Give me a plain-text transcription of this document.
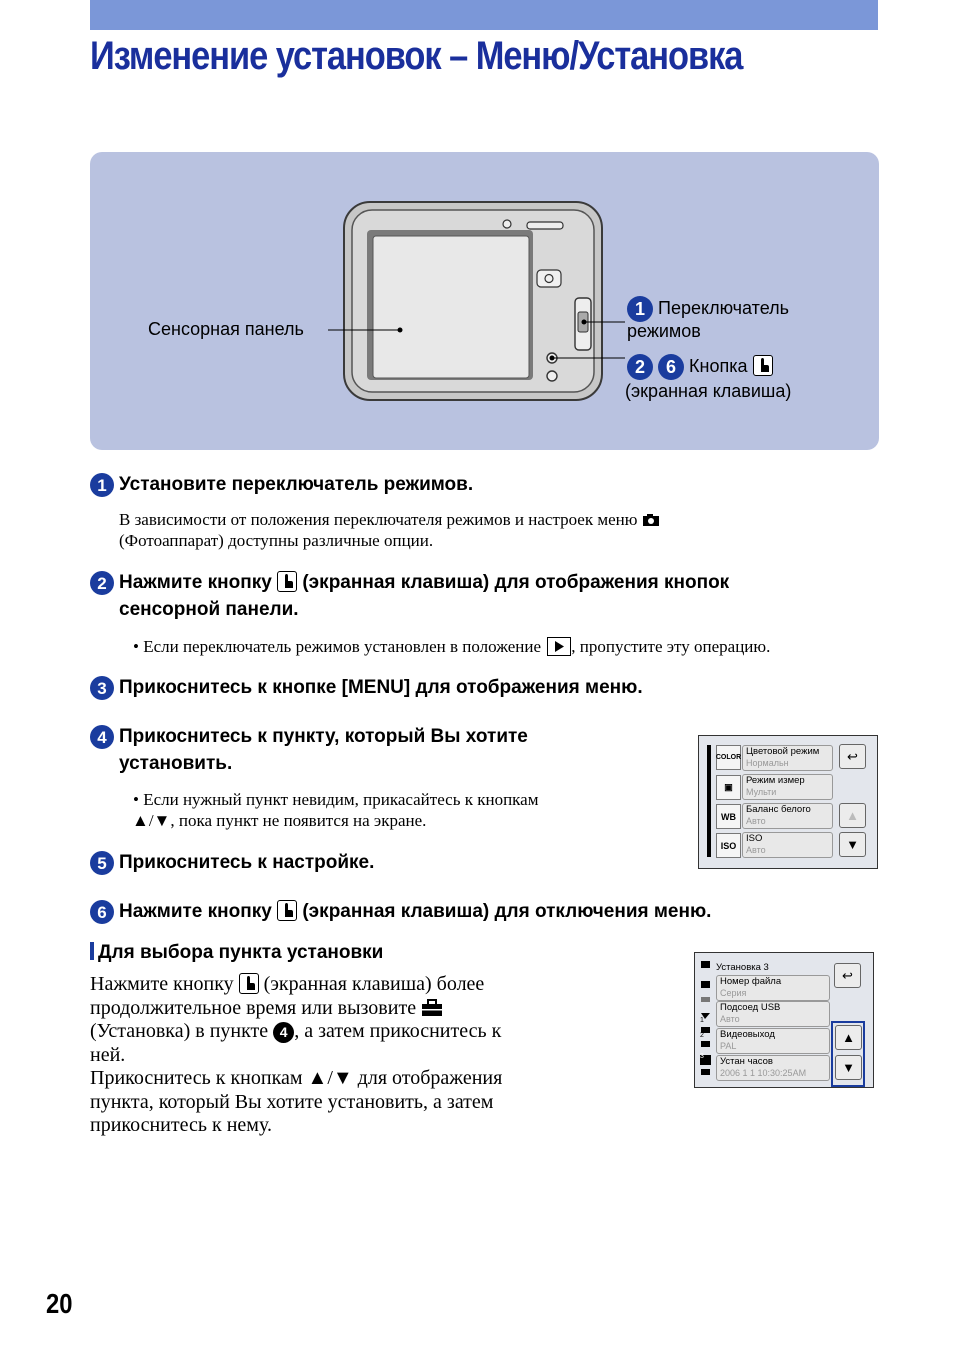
Изменение установок – Меню/Установка
Сенсорная панель
1 Переключатель
режимов
2 6 Кнопка
(экранная клавиша)
1 Установите переключатель режимов.
В зависимости от положения переключателя режимов и настроек меню
(Фотоаппарат) доступны различные опции.
2 Нажмите кнопку (экранная клавиша) для отображения кнопок
сенсорной панели.
• Если переключатель режимов установлен в положение , пропустите эту операцию.
3 Прикоснитесь к кнопке [MENU] для отображения меню.
4 Прикоснитесь к пункту, который Вы хотите
установить.
• Если нужный пункт невидим, прикасайтесь к кнопкам
▲/▼, пока пункт не появится на экране.
COLOR
Цветовой режим
Нормальн
▣
Режим измер
Мульти
WB
Баланс белого
Авто
ISO
ISO
Авто
↩
▲
▼
5 Прикоснитесь к настройке.
6 Нажмите кнопку (экранная клавиша) для отключения меню.
Для выбора пункта установки
Нажмите кнопку (экранная клавиша) более
продолжительное время или вызовите
(Установка) в пункте 4 , а затем прикоснитесь к
ней.
Прикоснитесь к кнопкам ▲/▼ для отображения
пункта, который Вы хотите установить, а затем
прикоснитесь к нему.
1
2
3
Установка 3
Номер файла
Серия
Подсоед USB
Авто
Видеовыход
PAL
Устан часов
2006 1 1 10:30:25AM
↩
▲
▼
20
